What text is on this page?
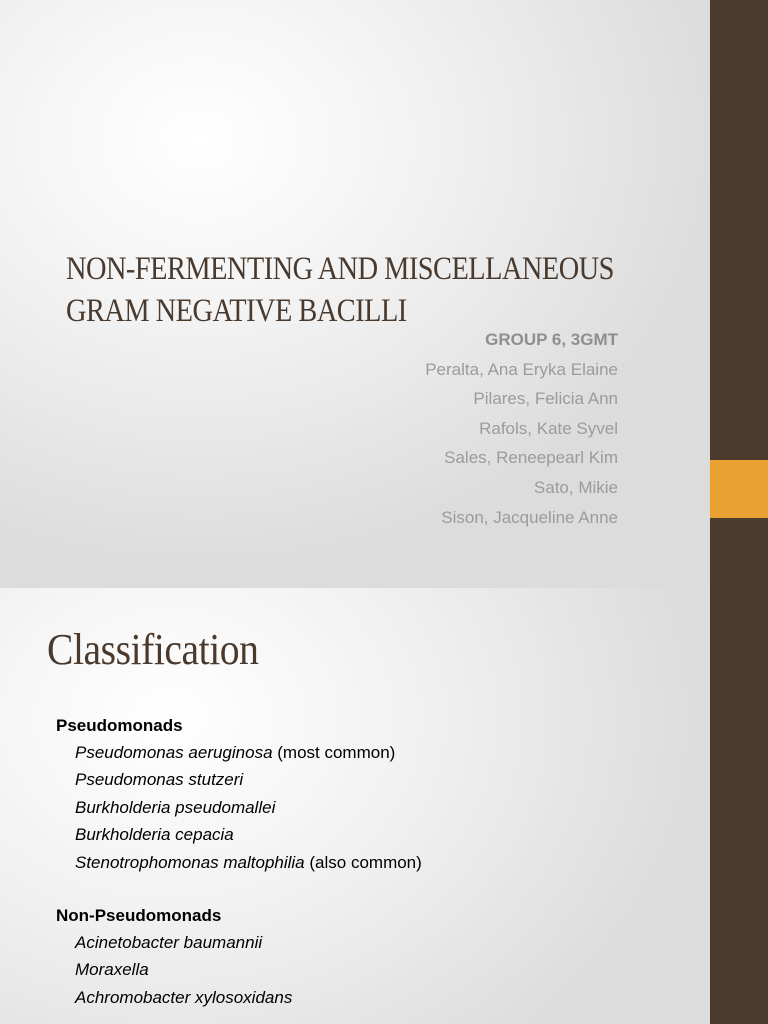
NON-FERMENTING AND MISCELLANEOUS
GRAM NEGATIVE BACILLI
GROUP 6, 3GMT
Peralta, Ana Eryka Elaine
Pilares, Felicia Ann
Rafols, Kate Syvel
Sales, Reneepearl Kim
Sato, Mikie
Sison, Jacqueline Anne
Classification
Pseudomonads
Pseudomonas aeruginosa (most common)
Pseudomonas stutzeri
Burkholderia pseudomallei
Burkholderia cepacia
Stenotrophomonas maltophilia (also common)
Non-Pseudomonads
Acinetobacter baumannii
Moraxella
Achromobacter xylosoxidans
